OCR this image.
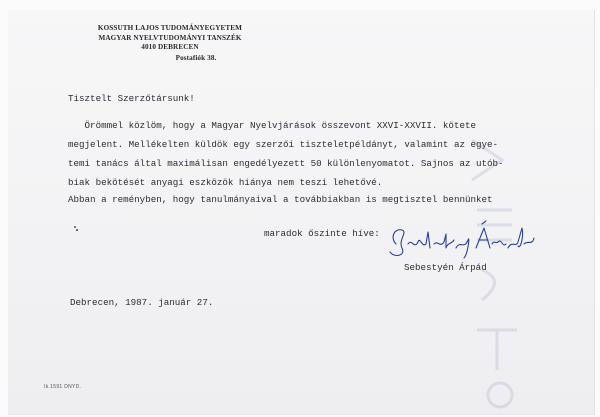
KOSSUTH LAJOS TUDOMÁNYEGYETEM
MAGYAR NYELVTUDOMÁNYI TANSZÉK
4010 DEBRECEN
Postafiók 38.
Tisztelt Szerzőtársunk!
Örömmel közlöm, hogy a Magyar Nyelvjárások összevont XXVI-XXVII. kötete
megjelent. Mellékelten küldök egy szerzői tiszteletpéldányt, valamint az egye-
temi tanács által maximálisan engedélyezett 50 különlenyomatot. Sajnos az utób-
biak bekötését anyagi eszközök hiánya nem teszi lehetővé.
Abban a reményben, hogy tanulmányaival a továbbiakban is megtisztel bennünket
maradok őszinte híve:
Sebestyén Árpád
Debrecen, 1987. január 27.
Ik.1591 DNYD.
